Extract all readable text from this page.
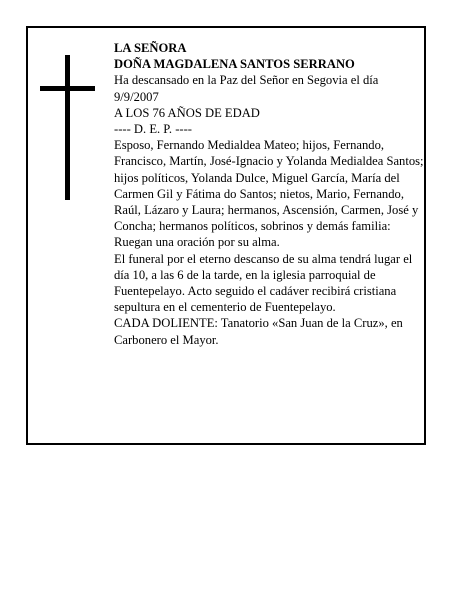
LA SEÑORA

DOÑA MAGDALENA SANTOS SERRANO

Ha descansado en la Paz del Señor en Segovia el día 9/9/2007

A LOS 76 AÑOS DE EDAD

---- D. E. P. ----

Esposo, Fernando Medialdea Mateo; hijos, Fernando, Francisco, Martín, José-Ignacio y Yolanda Medialdea Santos; hijos políticos, Yolanda Dulce, Miguel García, María del Carmen Gil y Fátima do Santos; nietos, Mario, Fernando, Raúl, Lázaro y Laura; hermanos, Ascensión, Carmen, José y Concha; hermanos políticos, sobrinos y demás familia:

Ruegan una oración por su alma.

El funeral por el eterno descanso de su alma tendrá lugar el día 10, a las 6 de la tarde, en la iglesia parroquial de Fuentepelayo. Acto seguido el cadáver recibirá cristiana sepultura en el cementerio de Fuentepelayo.

CADA DOLIENTE: Tanatorio «San Juan de la Cruz», en Carbonero el Mayor.
